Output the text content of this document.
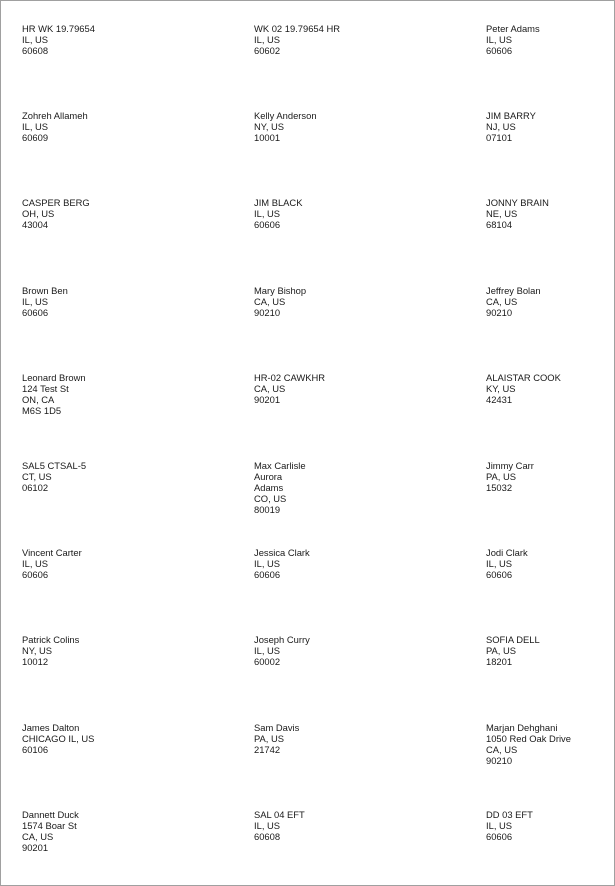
HR WK 19.79654
IL, US
60608
WK 02 19.79654 HR
IL, US
60602
Peter Adams
IL, US
60606
Zohreh Allameh
IL, US
60609
Kelly Anderson
NY, US
10001
JIM BARRY
NJ, US
07101
CASPER BERG
OH, US
43004
JIM BLACK
IL, US
60606
JONNY BRAIN
NE, US
68104
Brown Ben
IL, US
60606
Mary Bishop
CA, US
90210
Jeffrey Bolan
CA, US
90210
Leonard Brown
124 Test St
ON, CA
M6S 1D5
HR-02 CAWKHR
CA, US
90201
ALAISTAR COOK
KY, US
42431
SAL5 CTSAL-5
CT, US
06102
Max Carlisle
Aurora
Adams
CO, US
80019
Jimmy Carr
PA, US
15032
Vincent Carter
IL, US
60606
Jessica Clark
IL, US
60606
Jodi Clark
IL, US
60606
Patrick Colins
NY, US
10012
Joseph Curry
IL, US
60002
SOFIA DELL
PA, US
18201
James Dalton
CHICAGO IL, US
60106
Sam Davis
PA, US
21742
Marjan Dehghani
1050 Red Oak Drive
CA, US
90210
Dannett Duck
1574 Boar St
CA, US
90201
SAL 04 EFT
IL, US
60608
DD 03 EFT
IL, US
60606
